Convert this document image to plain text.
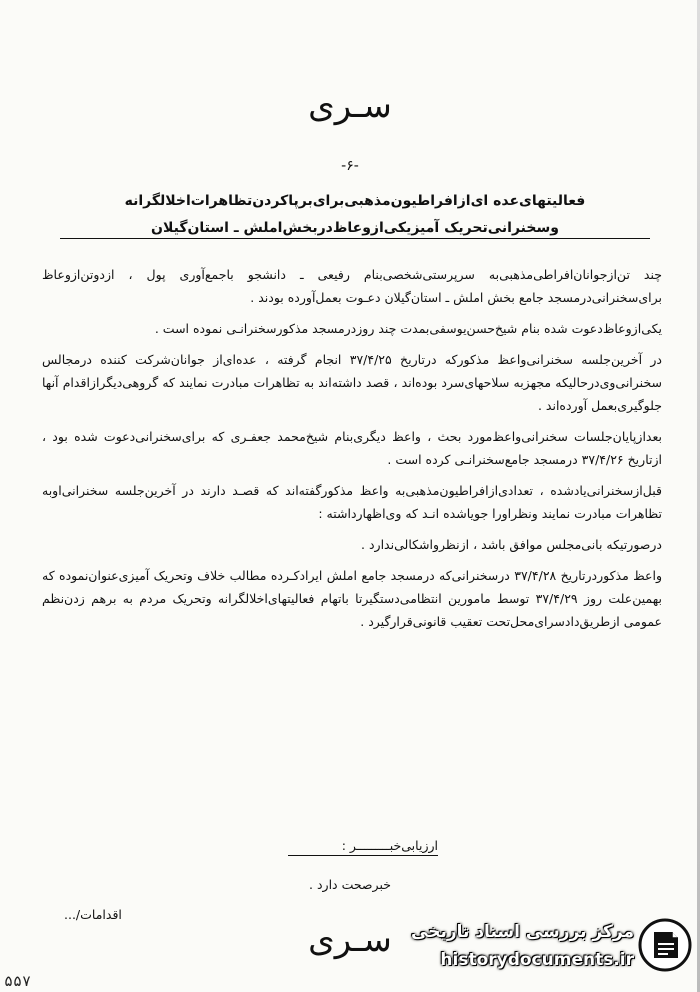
سـری
-۶-
فعالیتهای‌عده ای‌ازافراطیون‌مذهبی‌برای‌برپاکردن‌تظاهرات‌اخلالگرانه
وسخنرانی‌تحریک آمیزیکی‌ازوعاظ‌در‌بخش‌املش ـ استان‌گیلان

چند تن‌ازجوانان‌افراطی‌مذهبی‌به سرپرستی‌شخصی‌بنام رفیعی ـ دانشجو باجمع‌آوری پول ، ازدوتن‌ازوعاظ برای‌سخنرانی‌در‌مسجد جامع بخش املش ـ استان‌گیلان دعـوت بعمل‌آورده بودند .

یکی‌ازوعاظ‌دعوت شده بنام شیخ‌حسن‌یوسفی‌بمدت چند روزدرمسجد مذکورسخنرانـی نموده است .

در آخرین‌جلسه سخنرانی‌واعظ مذکورکه درتاریخ ۳۷/۴/۲۵ انجام گرفته ، عده‌ای‌از جوانان‌شرکت کننده درمجالس سخنرانی‌وی‌درحالیکه مجهزبه سلاحهای‌سرد بوده‌اند ، قصد داشته‌اند به تظاهرات مبادرت نمایند که گروهی‌دیگرازاقدام آنها جلوگیری‌بعمل آورده‌اند .

بعدازپایان‌جلسات سخنرانی‌واعظ‌مورد بحث ، واعظ دیگری‌بنام شیخ‌محمد جعفـری که برای‌سخنرانی‌دعوت شده بود ، ازتاریخ ۳۷/۴/۲۶ درمسجد جامع‌سخنرانـی کرده است .

قبل‌ازسخنرانی‌یادشده ، تعدادی‌ازافراطیون‌مذهبی‌به واعظ مذکورگفته‌اند که قصـد دارند در آخرین‌جلسه سخنرانی‌اوبه تظاهرات مبادرت نمایند ونظراورا جویاشده انـد که وی‌اظهارداشته :

درصورتیکه بانی‌مجلس موافق باشد ، ازنظرواشکالی‌ندارد .

واعظ مذکوردرتاریخ ۳۷/۴/۲۸ درسخنرانی‌که درمسجد جامع املش ایرادکـرده مطالب خلاف وتحریک آمیزی‌عنوان‌نموده که بهمین‌علت روز ۳۷/۴/۲۹ توسط مامورین انتظامی‌دستگیرتا باتهام فعالیتهای‌اخلالگرانه وتحریک مردم به برهم زدن‌نظم عمومی ازطریق‌دادسرای‌محل‌تحت تعقیب قانونی‌قرارگیرد .

ارزیابی‌خبـــــــــر :
خبرصحت دارد .
اقدامات/...
سـری
۵۵۷
مرکز بررسی اسناد تاریخی
historydocuments.ir
